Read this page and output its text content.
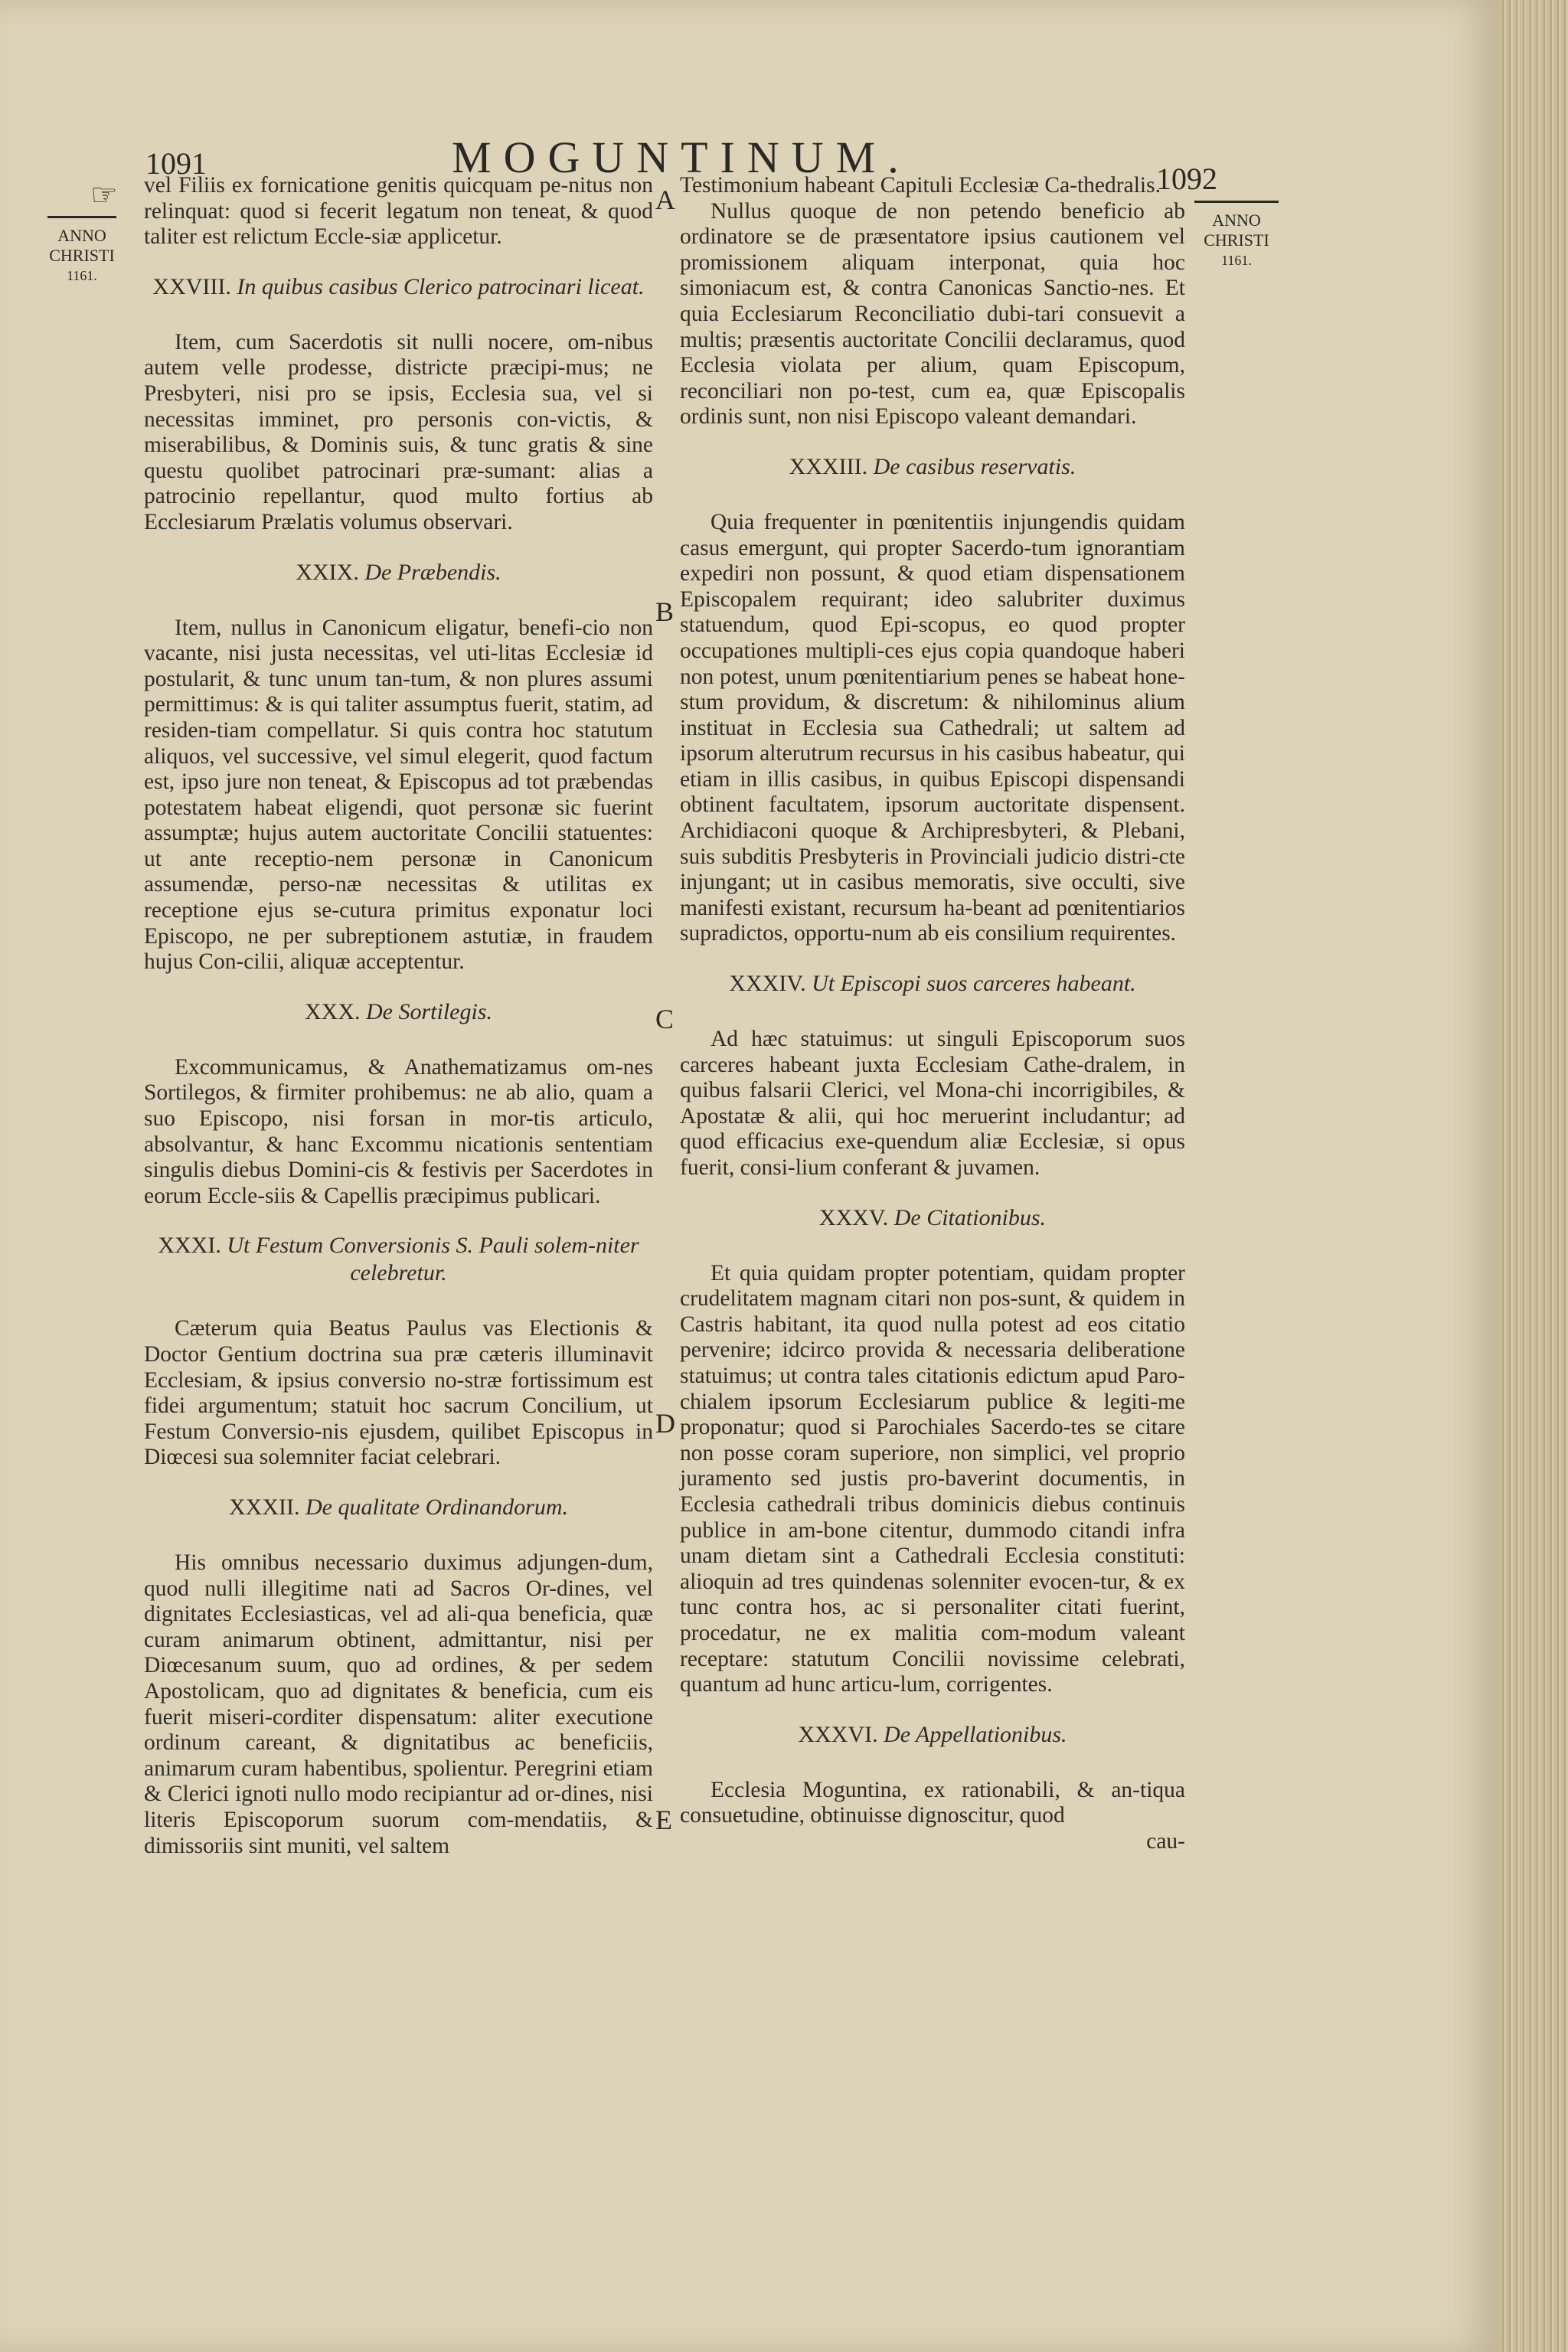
1091	MOGUNTINUM.	1092
☞
ANNO
CHRISTI
1161.
ANNO
CHRISTI
1161.
A
B
C
D
E

vel Filiis ex fornicatione genitis quicquam pe-nitus non relinquat: quod si fecerit legatum non teneat, & quod taliter est relictum Eccle-siæ applicetur.

XXVIII. In quibus casibus Clerico patrocinari liceat.

Item, cum Sacerdotis sit nulli nocere, om-nibus autem velle prodesse, districte præcipi-mus; ne Presbyteri, nisi pro se ipsis, Ecclesia sua, vel si necessitas imminet, pro personis con-victis, & miserabilibus, & Dominis suis, & tunc gratis & sine questu quolibet patrocinari præ-sumant: alias a patrocinio repellantur, quod multo fortius ab Ecclesiarum Prælatis volumus observari.

XXIX. De Præbendis.

Item, nullus in Canonicum eligatur, benefi-cio non vacante, nisi justa necessitas, vel uti-litas Ecclesiæ id postularit, & tunc unum tan-tum, & non plures assumi permittimus: & is qui taliter assumptus fuerit, statim, ad residen-tiam compellatur. Si quis contra hoc statutum aliquos, vel successive, vel simul elegerit, quod factum est, ipso jure non teneat, & Episcopus ad tot præbendas potestatem habeat eligendi, quot personæ sic fuerint assumptæ; hujus autem auctoritate Concilii statuentes: ut ante receptio-nem personæ in Canonicum assumendæ, perso-næ necessitas & utilitas ex receptione ejus se-cutura primitus exponatur loci Episcopo, ne per subreptionem astutiæ, in fraudem hujus Con-cilii, aliquæ acceptentur.

XXX. De Sortilegis.

Excommunicamus, & Anathematizamus om-nes Sortilegos, & firmiter prohibemus: ne ab alio, quam a suo Episcopo, nisi forsan in mor-tis articulo, absolvantur, & hanc Excommu nicationis sententiam singulis diebus Domini-cis & festivis per Sacerdotes in eorum Eccle-siis & Capellis præcipimus publicari.

XXXI. Ut Festum Conversionis S. Pauli solem-niter celebretur.

Cæterum quia Beatus Paulus vas Electionis & Doctor Gentium doctrina sua præ cæteris illuminavit Ecclesiam, & ipsius conversio no-stræ fortissimum est fidei argumentum; statuit hoc sacrum Concilium, ut Festum Conversio-nis ejusdem, quilibet Episcopus in Diœcesi sua solemniter faciat celebrari.

XXXII. De qualitate Ordinandorum.

His omnibus necessario duximus adjungen-dum, quod nulli illegitime nati ad Sacros Or-dines, vel dignitates Ecclesiasticas, vel ad ali-qua beneficia, quæ curam animarum obtinent, admittantur, nisi per Diœcesanum suum, quo ad ordines, & per sedem Apostolicam, quo ad dignitates & beneficia, cum eis fuerit miseri-corditer dispensatum: aliter executione ordinum careant, & dignitatibus ac beneficiis, animarum curam habentibus, spolientur. Peregrini etiam & Clerici ignoti nullo modo recipiantur ad or-dines, nisi literis Episcoporum suorum com-mendatiis, & dimissoriis sint muniti, vel saltem

Testimonium habeant Capituli Ecclesiæ Ca-thedralis.

Nullus quoque de non petendo beneficio ab ordinatore se de præsentatore ipsius cautionem vel promissionem aliquam interponat, quia hoc simoniacum est, & contra Canonicas Sanctio-nes. Et quia Ecclesiarum Reconciliatio dubi-tari consuevit a multis; præsentis auctoritate Concilii declaramus, quod Ecclesia violata per alium, quam Episcopum, reconciliari non po-test, cum ea, quæ Episcopalis ordinis sunt, non nisi Episcopo valeant demandari.

XXXIII. De casibus reservatis.

Quia frequenter in pœnitentiis injungendis quidam casus emergunt, qui propter Sacerdo-tum ignorantiam expediri non possunt, & quod etiam dispensationem Episcopalem requirant; ideo salubriter duximus statuendum, quod Epi-scopus, eo quod propter occupationes multipli-ces ejus copia quandoque haberi non potest, unum pœnitentiarium penes se habeat hone-stum providum, & discretum: & nihilominus alium instituat in Ecclesia sua Cathedrali; ut saltem ad ipsorum alterutrum recursus in his casibus habeatur, qui etiam in illis casibus, in quibus Episcopi dispensandi obtinent facultatem, ipsorum auctoritate dispensent. Archidiaconi quoque & Archipresbyteri, & Plebani, suis subditis Presbyteris in Provinciali judicio distri-cte injungant; ut in casibus memoratis, sive occulti, sive manifesti existant, recursum ha-beant ad pœnitentiarios supradictos, opportu-num ab eis consilium requirentes.

XXXIV. Ut Episcopi suos carceres habeant.

Ad hæc statuimus: ut singuli Episcoporum suos carceres habeant juxta Ecclesiam Cathe-dralem, in quibus falsarii Clerici, vel Mona-chi incorrigibiles, & Apostatæ & alii, qui hoc meruerint includantur; ad quod efficacius exe-quendum aliæ Ecclesiæ, si opus fuerit, consi-lium conferant & juvamen.

XXXV. De Citationibus.

Et quia quidam propter potentiam, quidam propter crudelitatem magnam citari non pos-sunt, & quidem in Castris habitant, ita quod nulla potest ad eos citatio pervenire; idcirco provida & necessaria deliberatione statuimus; ut contra tales citationis edictum apud Paro-chialem ipsorum Ecclesiarum publice & legiti-me proponatur; quod si Parochiales Sacerdo-tes se citare non posse coram superiore, non simplici, vel proprio juramento sed justis pro-baverint documentis, in Ecclesia cathedrali tribus dominicis diebus continuis publice in am-bone citentur, dummodo citandi infra unam dietam sint a Cathedrali Ecclesia constituti: alioquin ad tres quindenas solenniter evocen-tur, & ex tunc contra hos, ac si personaliter citati fuerint, procedatur, ne ex malitia com-modum valeant receptare: statutum Concilii novissime celebrati, quantum ad hunc articu-lum, corrigentes.

XXXVI. De Appellationibus.

Ecclesia Moguntina, ex rationabili, & an-tiqua consuetudine, obtinuisse dignoscitur, quod

cau-
